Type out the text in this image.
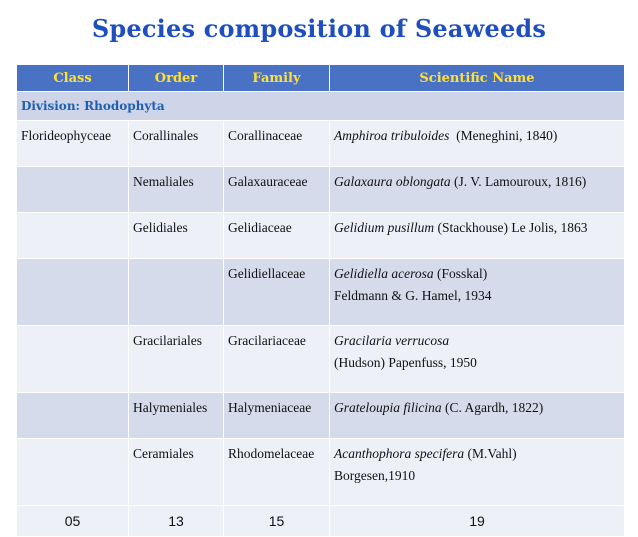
Species composition of Seaweeds
Class	Order	Family	Scientific Name
Division: Rhodophyta			
Florideophyceae	Corallinales	Corallinaceae	Amphiroa tribuloides  (Meneghini, 1840)
	Nemaliales	Galaxauraceae	Galaxaura oblongata (J. V. Lamouroux, 1816)
	Gelidiales	Gelidiaceae	Gelidium pusillum (Stackhouse) Le Jolis, 1863
		Gelidiellaceae	Gelidiella acerosa (Fosskal)
Feldmann & G. Hamel, 1934
	Gracilariales	Gracilariaceae	Gracilaria verrucosa
(Hudson) Papenfuss, 1950
	Halymeniales	Halymeniaceae	Grateloupia filicina (C. Agardh, 1822)
	Ceramiales	Rhodomelaceae	Acanthophora specifera (M.Vahl)
Borgesen,1910
05	13	15	19
